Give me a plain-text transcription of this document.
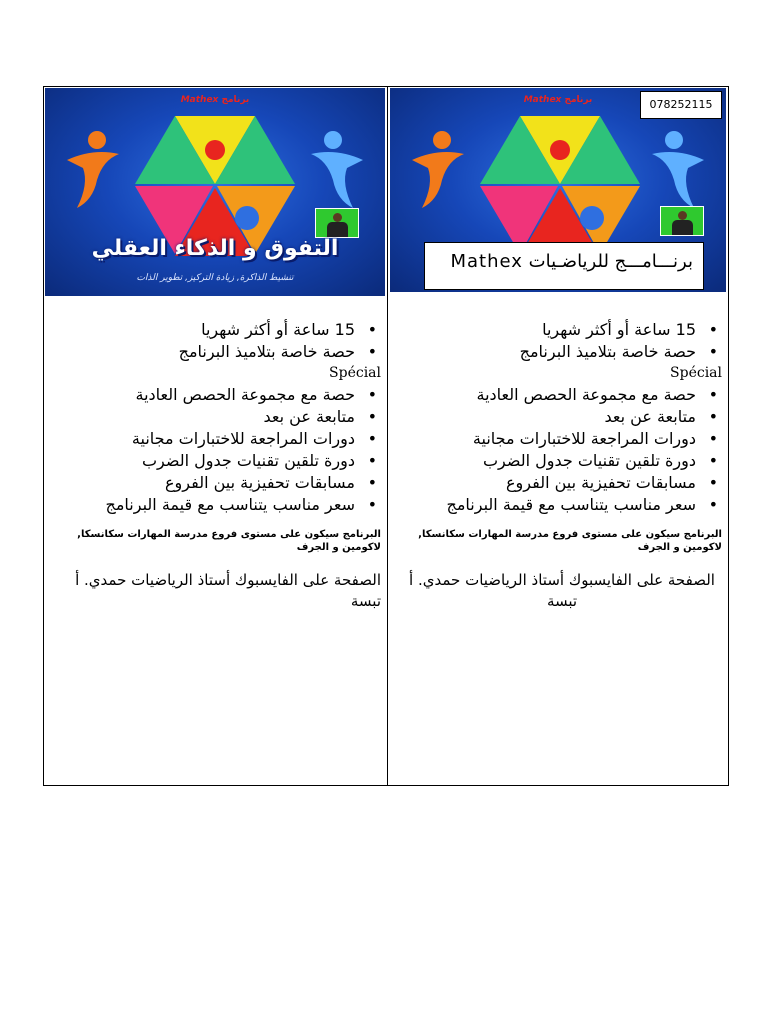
Mathex برنامج
التفوق و الذكاء العقلي
تنشيط الذاكرة, زيادة التركيز, تطوير الذات
• 15 ساعة أو أكثر شهريا
• حصة خاصة بتلاميذ البرنامج
Spécial
• حصة مع مجموعة الحصص العادية
• متابعة عن بعد
• دورات المراجعة للاختبارات مجانية
• دورة تلقين تقنيات جدول الضرب
• مسابقات تحفيزية بين الفروع
• سعر مناسب يتناسب مع قيمة البرنامج
البرنامج سيكون على مستوى فروع مدرسة المهارات سكانسكا, لاكومين و الجرف
الصفحة على الفايسبوك أستاذ الرياضيات حمدي. أ تبسة
Mathex برنامج	078252115
برنـــامـــج للرياضـيات Mathex
• 15 ساعة أو أكثر شهريا
• حصة خاصة بتلاميذ البرنامج
Spécial
• حصة مع مجموعة الحصص العادية
• متابعة عن بعد
• دورات المراجعة للاختبارات مجانية
• دورة تلقين تقنيات جدول الضرب
• مسابقات تحفيزية بين الفروع
• سعر مناسب يتناسب مع قيمة البرنامج
البرنامج سيكون على مستوى فروع مدرسة المهارات سكانسكا, لاكومين و الجرف
الصفحة على الفايسبوك أستاذ الرياضيات حمدي. أ تبسة
